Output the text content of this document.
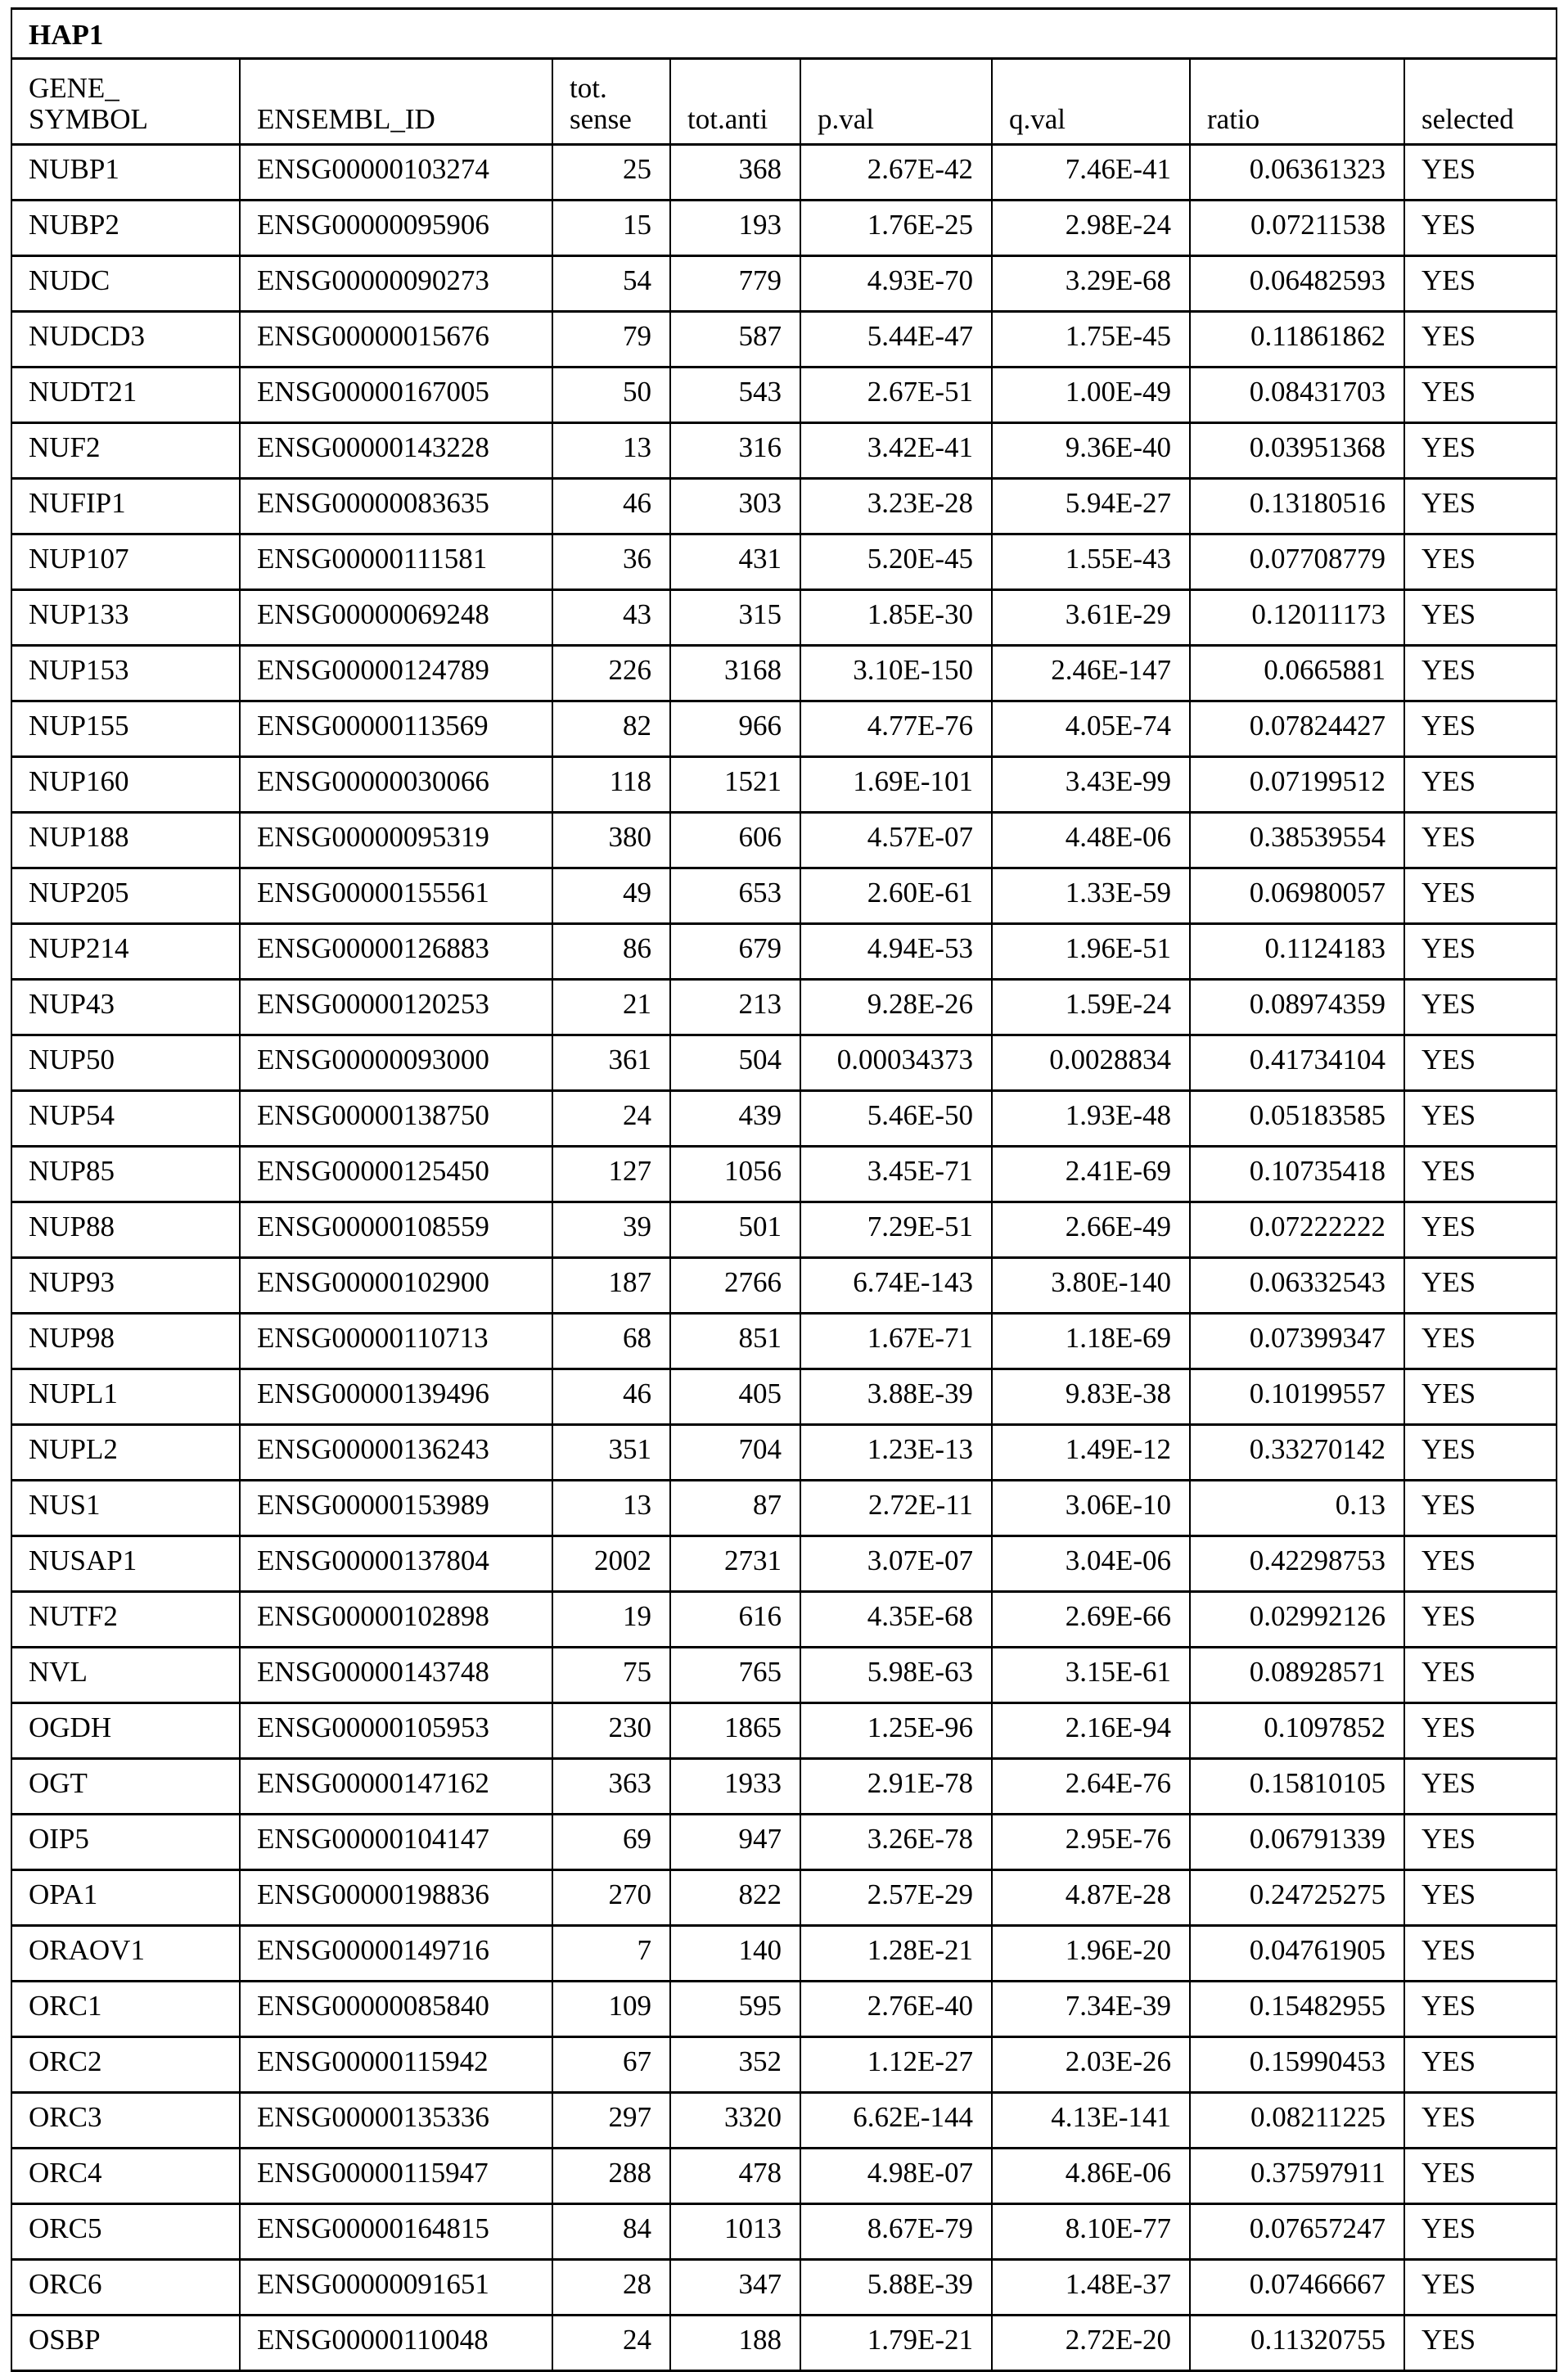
HAP1
GENE_
SYMBOL	ENSEMBL_ID	tot.
sense	tot.anti	p.val	q.val	ratio	selected
NUBP1	ENSG00000103274	25	368	2.67E-42	7.46E-41	0.06361323	YES
NUBP2	ENSG00000095906	15	193	1.76E-25	2.98E-24	0.07211538	YES
NUDC	ENSG00000090273	54	779	4.93E-70	3.29E-68	0.06482593	YES
NUDCD3	ENSG00000015676	79	587	5.44E-47	1.75E-45	0.11861862	YES
NUDT21	ENSG00000167005	50	543	2.67E-51	1.00E-49	0.08431703	YES
NUF2	ENSG00000143228	13	316	3.42E-41	9.36E-40	0.03951368	YES
NUFIP1	ENSG00000083635	46	303	3.23E-28	5.94E-27	0.13180516	YES
NUP107	ENSG00000111581	36	431	5.20E-45	1.55E-43	0.07708779	YES
NUP133	ENSG00000069248	43	315	1.85E-30	3.61E-29	0.12011173	YES
NUP153	ENSG00000124789	226	3168	3.10E-150	2.46E-147	0.0665881	YES
NUP155	ENSG00000113569	82	966	4.77E-76	4.05E-74	0.07824427	YES
NUP160	ENSG00000030066	118	1521	1.69E-101	3.43E-99	0.07199512	YES
NUP188	ENSG00000095319	380	606	4.57E-07	4.48E-06	0.38539554	YES
NUP205	ENSG00000155561	49	653	2.60E-61	1.33E-59	0.06980057	YES
NUP214	ENSG00000126883	86	679	4.94E-53	1.96E-51	0.1124183	YES
NUP43	ENSG00000120253	21	213	9.28E-26	1.59E-24	0.08974359	YES
NUP50	ENSG00000093000	361	504	0.00034373	0.0028834	0.41734104	YES
NUP54	ENSG00000138750	24	439	5.46E-50	1.93E-48	0.05183585	YES
NUP85	ENSG00000125450	127	1056	3.45E-71	2.41E-69	0.10735418	YES
NUP88	ENSG00000108559	39	501	7.29E-51	2.66E-49	0.07222222	YES
NUP93	ENSG00000102900	187	2766	6.74E-143	3.80E-140	0.06332543	YES
NUP98	ENSG00000110713	68	851	1.67E-71	1.18E-69	0.07399347	YES
NUPL1	ENSG00000139496	46	405	3.88E-39	9.83E-38	0.10199557	YES
NUPL2	ENSG00000136243	351	704	1.23E-13	1.49E-12	0.33270142	YES
NUS1	ENSG00000153989	13	87	2.72E-11	3.06E-10	0.13	YES
NUSAP1	ENSG00000137804	2002	2731	3.07E-07	3.04E-06	0.42298753	YES
NUTF2	ENSG00000102898	19	616	4.35E-68	2.69E-66	0.02992126	YES
NVL	ENSG00000143748	75	765	5.98E-63	3.15E-61	0.08928571	YES
OGDH	ENSG00000105953	230	1865	1.25E-96	2.16E-94	0.1097852	YES
OGT	ENSG00000147162	363	1933	2.91E-78	2.64E-76	0.15810105	YES
OIP5	ENSG00000104147	69	947	3.26E-78	2.95E-76	0.06791339	YES
OPA1	ENSG00000198836	270	822	2.57E-29	4.87E-28	0.24725275	YES
ORAOV1	ENSG00000149716	7	140	1.28E-21	1.96E-20	0.04761905	YES
ORC1	ENSG00000085840	109	595	2.76E-40	7.34E-39	0.15482955	YES
ORC2	ENSG00000115942	67	352	1.12E-27	2.03E-26	0.15990453	YES
ORC3	ENSG00000135336	297	3320	6.62E-144	4.13E-141	0.08211225	YES
ORC4	ENSG00000115947	288	478	4.98E-07	4.86E-06	0.37597911	YES
ORC5	ENSG00000164815	84	1013	8.67E-79	8.10E-77	0.07657247	YES
ORC6	ENSG00000091651	28	347	5.88E-39	1.48E-37	0.07466667	YES
OSBP	ENSG00000110048	24	188	1.79E-21	2.72E-20	0.11320755	YES
